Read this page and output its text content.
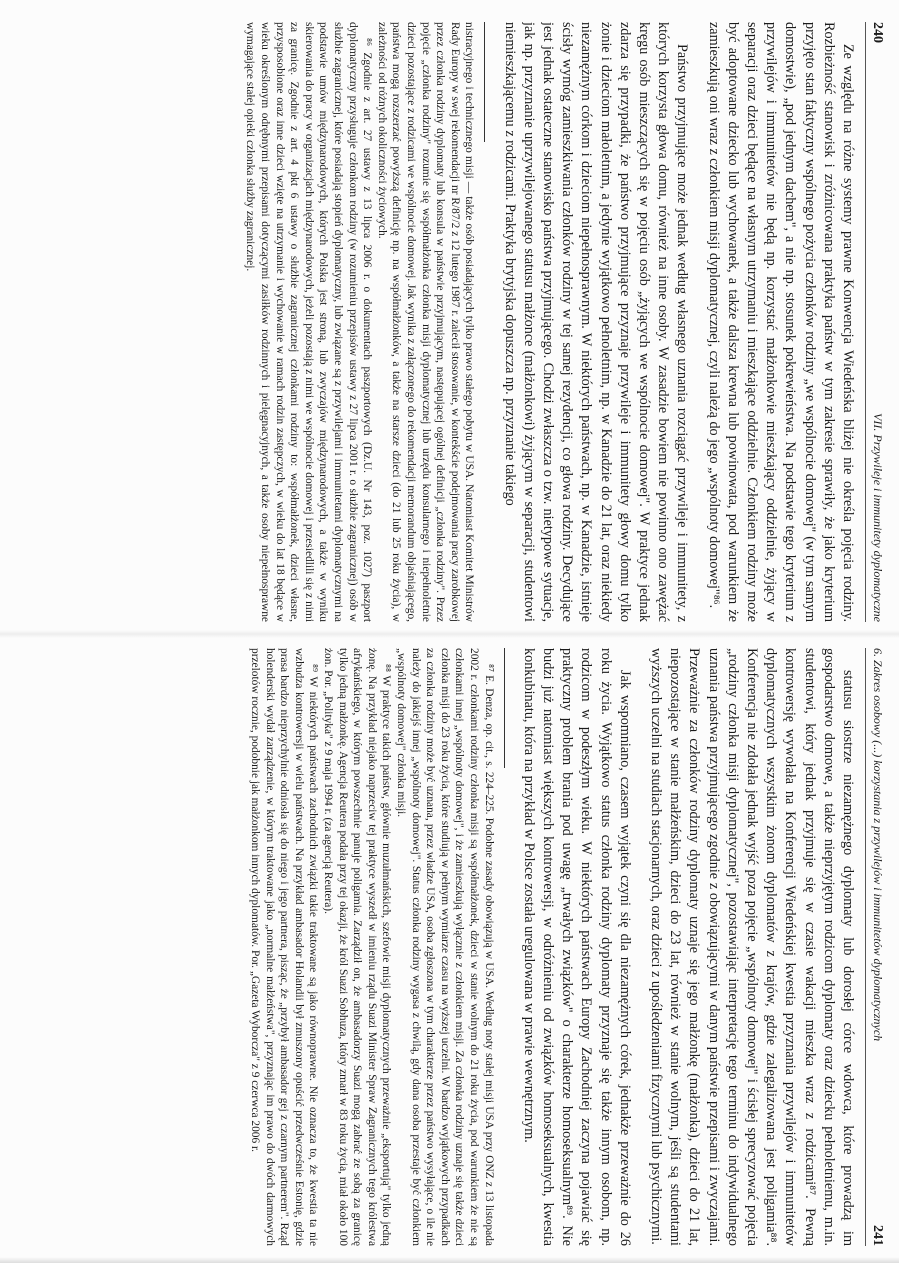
240
VII. Przywileje i immunitety dyplomatyczne

Ze względu na różne systemy prawne Konwencja Wiedeńska bliżej nie określa pojęcia rodziny. Rozbieżność stanowisk i zróżnicowana praktyka państw w tym zakresie sprawiły, że jako kryterium przyjęto stan faktyczny wspólnego pożycia członków rodziny „we wspólnocie domowej" (w tym samym domostwie), „pod jednym dachem", a nie np. stosunek pokrewieństwa. Na podstawie tego kryterium z przywilejów i immunitetów nie będą np. korzystać małżonkowie mieszkający oddzielnie, żyjący w separacji oraz dzieci będące na własnym utrzymaniu i mieszkające oddzielnie. Członkiem rodziny może być adoptowane dziecko lub wychowanek, a także dalsza krewna lub powinowata, pod warunkiem że zamieszkują oni wraz z członkiem misji dyplomatycznej, czyli należą do jego „wspólnoty domowej"⁸⁶.

Państwo przyjmujące może jednak według własnego uznania rozciągać przywileje i immunitety, z których korzysta głowa domu, również na inne osoby. W zasadzie bowiem nie powinno ono zawężać kręgu osób mieszczących się w pojęciu osób „żyjących we wspólnocie domowej". W praktyce jednak zdarza się przypadki, że państwo przyjmujące przyznaje przywileje i immunitety głowy domu tylko żonie i dzieciom małoletnim, a jedynie wyjątkowo pełnoletnim, np. w Kanadzie do 21 lat, oraz niekiedy niezamężnym córkom i dzieciom niepełnosprawnym. W niektórych państwach, np. w Kanadzie, istnieje ścisły wymóg zamieszkiwania członków rodziny w tej samej rezydencji, co głowa rodziny. Decydujące jest jednak ostateczne stanowisko państwa przyjmującego. Chodzi zwłaszcza o tzw. nietypowe sytuacje, jak np. przyznanie uprzywilejowanego statusu małżonce (małżonkowi) żyjącym w separacji, studentowi niemieszkającemu z rodzicami. Praktyka brytyjska dopuszcza np. przyznanie takiego

nistracyjnego i technicznego misji — także osób posiadających tylko prawo stałego pobytu w USA. Natomiast Komitet Ministrów Rady Europy w swej rekomendacji nr R/87/2 z 12 lutego 1987 r. zalecił stosowanie, w kontekście podejmowania pracy zarobkowej przez członka rodziny dyplomaty lub konsula w państwie przyjmującym, następującej ogólnej definicji „członka rodziny". Przez pojęcie „członka rodziny" rozumie się współmałżonka członka misji dyplomatycznej lub urzędu konsularnego i niepełnoletnie dzieci pozostające z rodzicami we wspólnocie domowej. Jak wynika z załączonego do rekomendacji memorandum objaśniającego, państwa mogą rozszerzać powyższą definicję np. na współmałżonków, a także na starsze dzieci (do 21 lub 25 roku życia), w zależności od różnych okoliczności życiowych.

⁸⁶ Zgodnie z art. 27 ustawy z 13 lipca 2006 r. o dokumentach paszportowych (Dz.U. Nr 143, poz. 1027) paszport dyplomatyczny przysługuje członkom rodziny (w rozumieniu przepisów ustawy z 27 lipca 2001 r. o służbie zagranicznej) osób w służbie zagranicznej, które posiadają stopień dyplomatyczny, lub związane są z przywilejami i immunitetami dyplomatycznymi na podstawie umów międzynarodowych, których Polska jest stroną, lub zwyczajów międzynarodowych, a także w wyniku skierowania do pracy w organizacjach międzynarodowych, jeżeli pozostają z nimi we wspólnocie domowej i przesiedlili się z nimi za granicę. Zgodnie z art. 4 pkt 6 ustawy o służbie zagranicznej członkami rodziny to: współmałżonek, dzieci własne, przysposobione oraz inne dzieci wzięte na utrzymanie i wychowanie w ramach rodzin zastępczych, w wieku do lat 18 będące w wieku określonym odrębnymi przepisami dotyczącymi zasiłków rodzinnych i pielęgnacyjnych, a także osoby niepełnosprawne wymagające stałej opieki członka służby zagranicznej.

6. Zakres osobowy (...) korzystania z przywilejów i immunitetów dyplomatycznych
241

statusu siostrze niezamężnego dyplomaty lub dorosłej córce wdowca, które prowadzą im gospodarstwo domowe, a także nieprzyjętym rodzicom dyplomaty oraz dziecku pełnoletniemu, m.in. studentowi, który jednak przyjmuje się w czasie wakacji mieszka wraz z rodzicami⁸⁷. Pewną kontrowersję wywołała na Konferencji Wiedeńskiej kwestia przyznania przywilejów i immunitetów dyplomatycznych wszystkim żonom dyplomatów z krajów, gdzie zalegalizowana jest poligamia⁸⁸. Konferencja nie zdołała jednak wyjść poza pojęcie „wspólnoty domowej" i ścisłej sprecyzować pojęcia „rodziny członka misji dyplomatycznej", pozostawiając interpretację tego terminu do indywidualnego uznania państwa przyjmującego zgodnie z obowiązującymi w danym państwie przepisami i zwyczajami. Przeważnie za członków rodziny dyplomaty uznaje się jego małżonkę (małżonka), dzieci do 21 lat, niepozostające w stanie małżeńskim, dzieci do 23 lat, również w stanie wolnym, jeśli są studentami wyższych uczelni na studiach stacjonarnych, oraz dzieci z upośledzeniami fizycznymi lub psychicznymi.

Jak wspomniano, czasem wyjątek czyni się dla niezamężnych córek, jednakże przeważnie do 26 roku życia. Wyjątkowo status członka rodziny dyplomaty przyznaje się także innym osobom, np. rodzicom w podeszłym wieku. W niektórych państwach Europy Zachodniej zaczyna pojawiać się praktyczny problem brania pod uwagę „trwałych związków" o charakterze homoseksualnym⁸⁹. Nie budzi już natomiast większych kontrowersji, w odróżnieniu od związków homoseksualnych, kwestia konkubinatu, która na przykład w Polsce została uregulowana w prawie wewnętrznym.

⁸⁷ E. Denza, op. cit., s. 224–225. Podobne zasady obowiązują w USA. Według noty stałej misji USA przy ONZ z 13 listopada 2002 r. członkami rodziny członka misji są współmałżonek, dzieci w stanie wolnym do 21 roku życia, pod warunkiem że nie są członkami innej „wspólnoty domowej", i że zamieszkują wyłącznie z członkiem misji. Za członka rodziny uznaje się także dzieci członka misji do 23 roku życia, które studiują w pełnym wymiarze czasu na wyższej uczelni. W bardzo wyjątkowych przypadkach za członka rodziny może być uznana, przez władze USA, osoba zgłoszona w tym charakterze przez państwo wysyłające, o ile nie należy do jakiejś innej „wspólnoty domowej". Status członka rodziny wygasa z chwilą, gdy dana osoba przestaje być członkiem „wspólnoty domowej" członka misji.

⁸⁸ W praktyce takich państw, głównie muzułmańskich, szefowie misji dyplomatycznych przeważnie „eksportują" tylko jedną żonę. Na przykład niejako naprzeciw tej praktyce wyszedł w imieniu rządu Suazi Minister Spraw Zagranicznych tego królestwa afrykańskiego, w którym powszechnie panuje poligamia. Zarządził on, że ambasadorzy Suazi mogą zabrać ze sobą za granicę tylko jedną małżonkę. Agencja Reutera podała przy tej okazji, że król Suazi Sobhuza, który zmarł w 83 roku życia, miał około 100 żon. Por. „Polityka" z 9 maja 1994 r. (za agencją Reutera).

⁸⁹ W niektórych państwach zachodnich związki takie traktowane są jako równoprawne. Nie oznacza to, że kwestia ta nie wzbudza kontrowersji w wielu państwach. Na przykład ambasador Holandii był zmuszony opuścić przedwcześnie Estonię, gdzie prasa bardzo nieprzychylnie odniosła się do niego i jego partnera, pisząc, że „przybył ambasador gej z czarnym partnerem". Rząd holenderski wydał zarządzenie, w którym traktowane jako „normalne małżeństwa", przyznając im prawo do dwóch darmowych przelotów rocznie, podobnie jak małżonkom innych dyplomatów. Por. „Gazeta Wyborcza" z 9 czerwca 2006 r.
